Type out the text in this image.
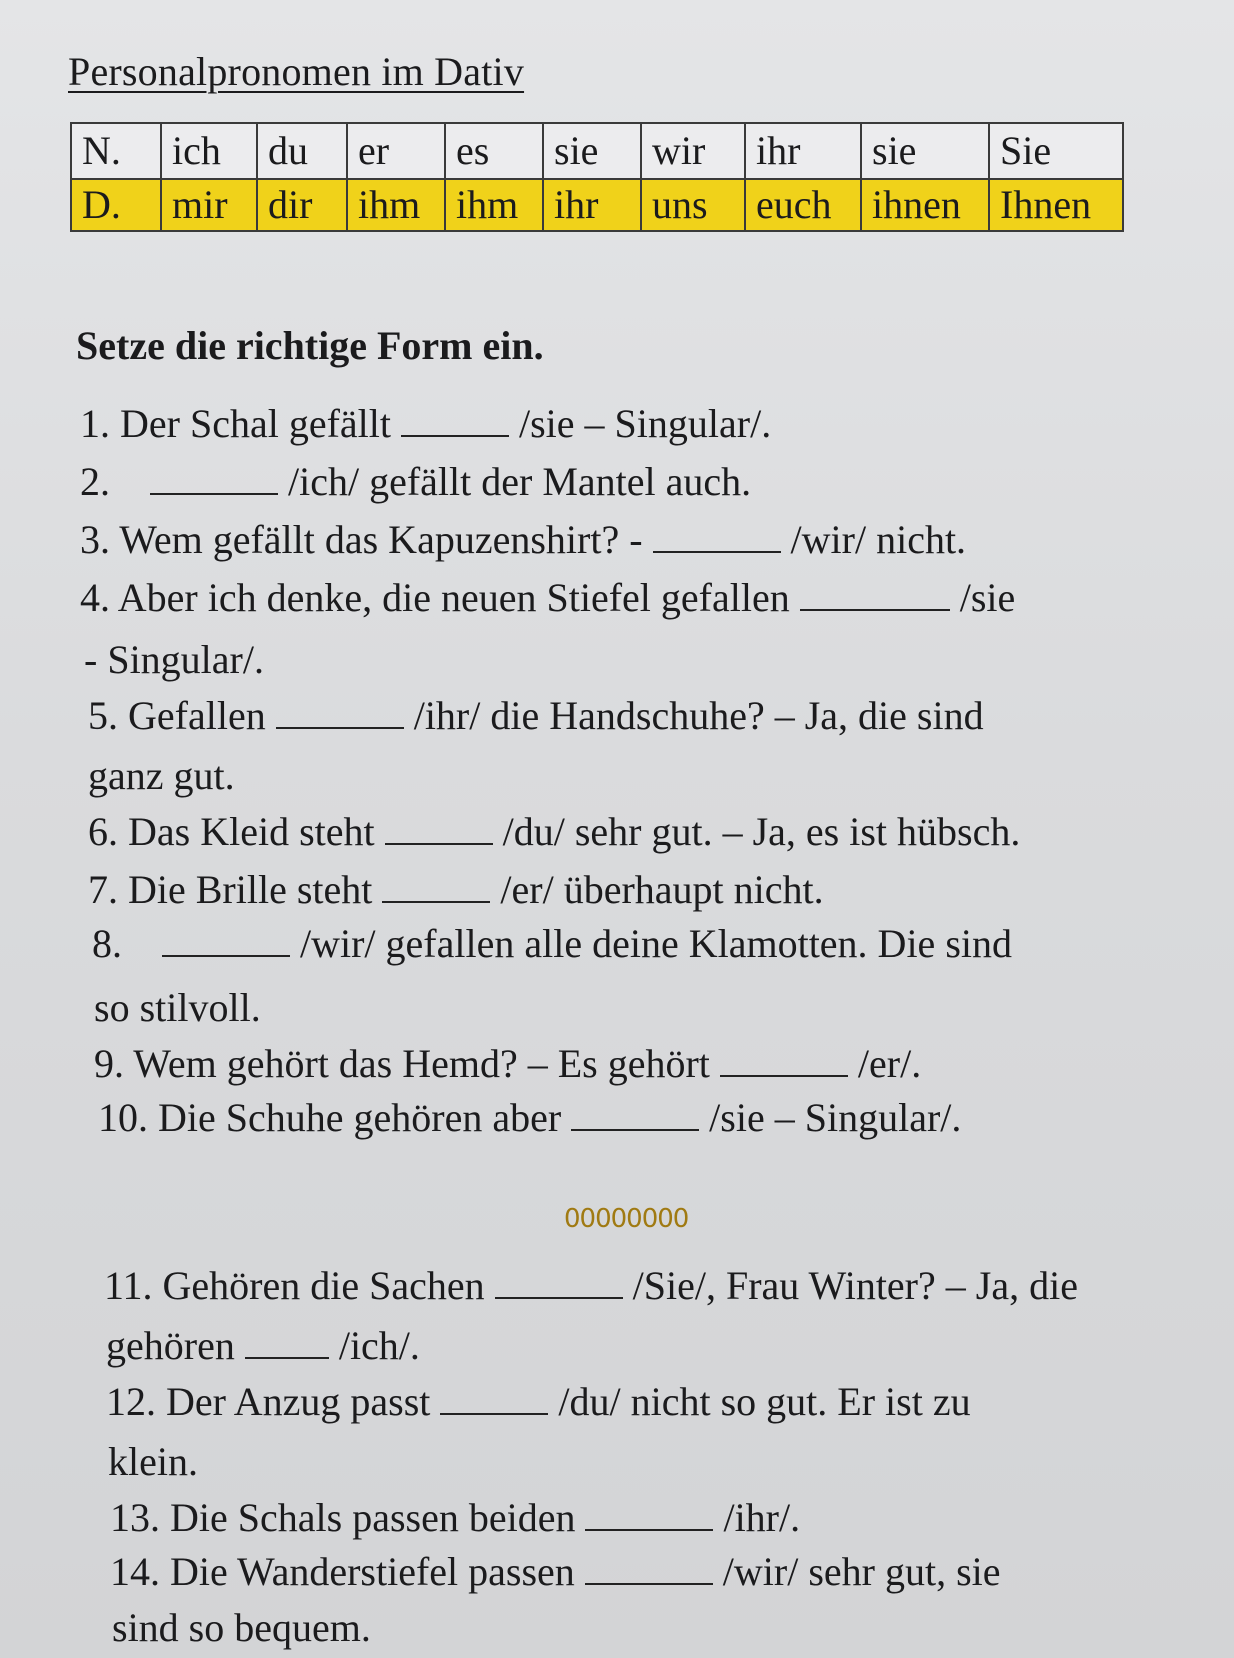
Personalpronomen im Dativ
N.	ich	du	er	es	sie	wir	ihr	sie	Sie
D.	mir	dir	ihm	ihm	ihr	uns	euch	ihnen	Ihnen
Setze die richtige Form ein.
1. Der Schal gefällt	/sie – Singular/.
2.	/ich/ gefällt der Mantel auch.
3. Wem gefällt das Kapuzenshirt? -	/wir/ nicht.
4. Aber ich denke, die neuen Stiefel gefallen	/sie
- Singular/.
5. Gefallen	/ihr/ die Handschuhe? – Ja, die sind
ganz gut.
6. Das Kleid steht	/du/ sehr gut. – Ja, es ist hübsch.
7. Die Brille steht	/er/ überhaupt nicht.
8.	/wir/ gefallen alle deine Klamotten. Die sind
so stilvoll.
9. Wem gehört das Hemd? – Es gehört	/er/.
10. Die Schuhe gehören aber	/sie – Singular/.
00000000
11. Gehören die Sachen	/Sie/, Frau Winter? – Ja, die
gehören	/ich/.
12. Der Anzug passt	/du/ nicht so gut. Er ist zu
klein.
13. Die Schals passen beiden	/ihr/.
14. Die Wanderstiefel passen	/wir/ sehr gut, sie
sind so bequem.
